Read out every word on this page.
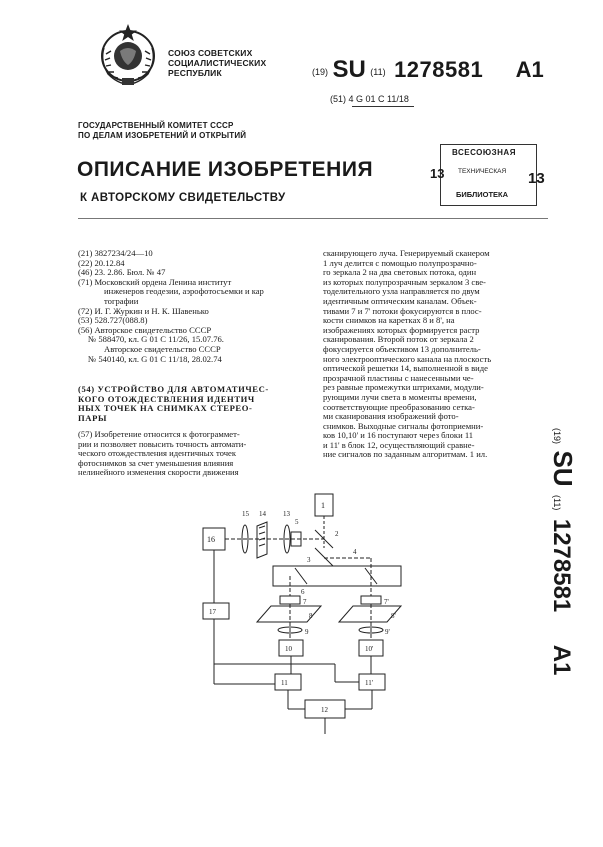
СОЮЗ СОВЕТСКИХ
СОЦИАЛИСТИЧЕСКИХ
РЕСПУБЛИК	(19) SU (11) 1278581 A1
(51) 4 G 01 C 11/18
ГОСУДАРСТВЕННЫЙ КОМИТЕТ СССР
ПО ДЕЛАМ ИЗОБРЕТЕНИЙ И ОТКРЫТИЙ
ОПИСАНИЕ ИЗОБРЕТЕНИЯ
К АВТОРСКОМУ СВИДЕТЕЛЬСТВУ
ВСЕСОЮЗНАЯ
ТЕХНИЧЕСКАЯ
БИБЛИОТЕКА
13	13
(21) 3827234/24—10
(22) 20.12.84
(46) 23. 2.86. Бюл. № 47
(71) Московский ордена Ленина институт
инженеров геодезии, аэрофотосъемки и кар
тографии
(72) И. Г. Журкин и Н. К. Шавенько
(53) 528.727(088.8)
(56) Авторское свидетельство СССР
№ 588470, кл. G 01 C 11/26, 15.07.76.
Авторское свидетельство СССР
№ 540140, кл. G 01 C 11/18, 28.02.74
(54) УСТРОЙСТВО ДЛЯ АВТОМАТИЧЕС-
КОГО ОТОЖДЕСТВЛЕНИЯ ИДЕНТИЧ
НЫХ ТОЧЕК НА СНИМКАХ СТЕРЕО-
ПАРЫ
(57) Изобретение относится к фотограммет-
рии и позволяет повысить точность автомати-
ческого отождествления идентичных точек
фотоснимков за счет уменьшения влияния
нелинейного изменения скорости движения
сканирующего луча. Генерируемый сканером
1 луч делится с помощью полупрозрачно-
го зеркала 2 на два световых потока, один
из которых полупрозрачным зеркалом 3 све-
тоделительного узла направляется по двум
идентичным оптическим каналам. Объек-
тивами 7 и 7' потоки фокусируются в плос-
кости снимков на каретках 8 и 8', на
изображениях которых формируется растр
сканирования. Второй поток от зеркала 2
фокусируется объективом 13 дополнитель-
ного электрооптического канала на плоскость
оптической решетки 14, выполненной в виде
прозрачной пластины с нанесенными че-
рез равные промежутки штрихами, модули-
рующими лучи света в моменты времени,
соответствующие преобразованию сетка-
ми сканирования изображений фото-
снимков. Выходные сигналы фотоприемни-
ков 10,10' и 16 поступают через блоки 11
и 11' в блок 12, осуществляющий сравне-
ние сигналов по заданным алгоритмам. 1 ил.
(19) SU (11) 1278581 A1
1
16
15 14 13
2
3
4
5
7	7'
8	8'
9	9'
6
10	10'
17
11	11'
12
